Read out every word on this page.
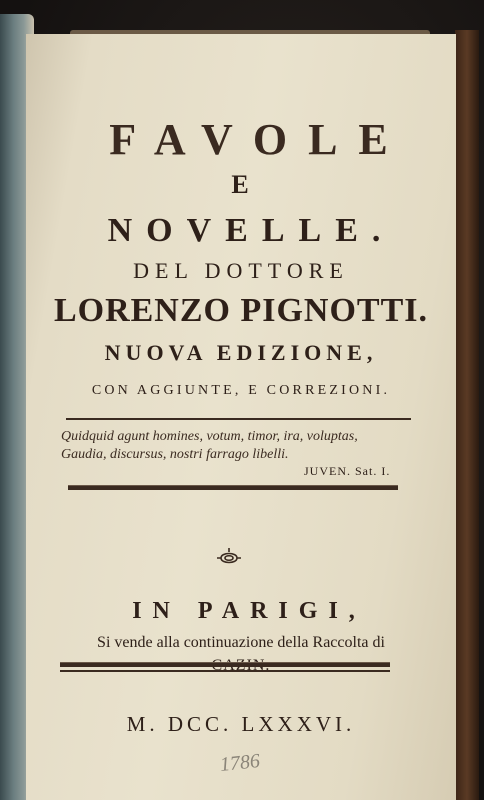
FAVOLE
E
NOVELLE.
DEL DOTTORE
LORENZO PIGNOTTI.
NUOVA EDIZIONE,
CON AGGIUNTE, E CORREZIONI.
Quidquid agunt homines, votum, timor, ira, voluptas,
Gaudia, discursus, nostri farrago libelli.
JUVEN. Sat. I.
IN PARIGI,
Si vende alla continuazione della Raccolta di
M. DCC. LXXXVI.
1786
